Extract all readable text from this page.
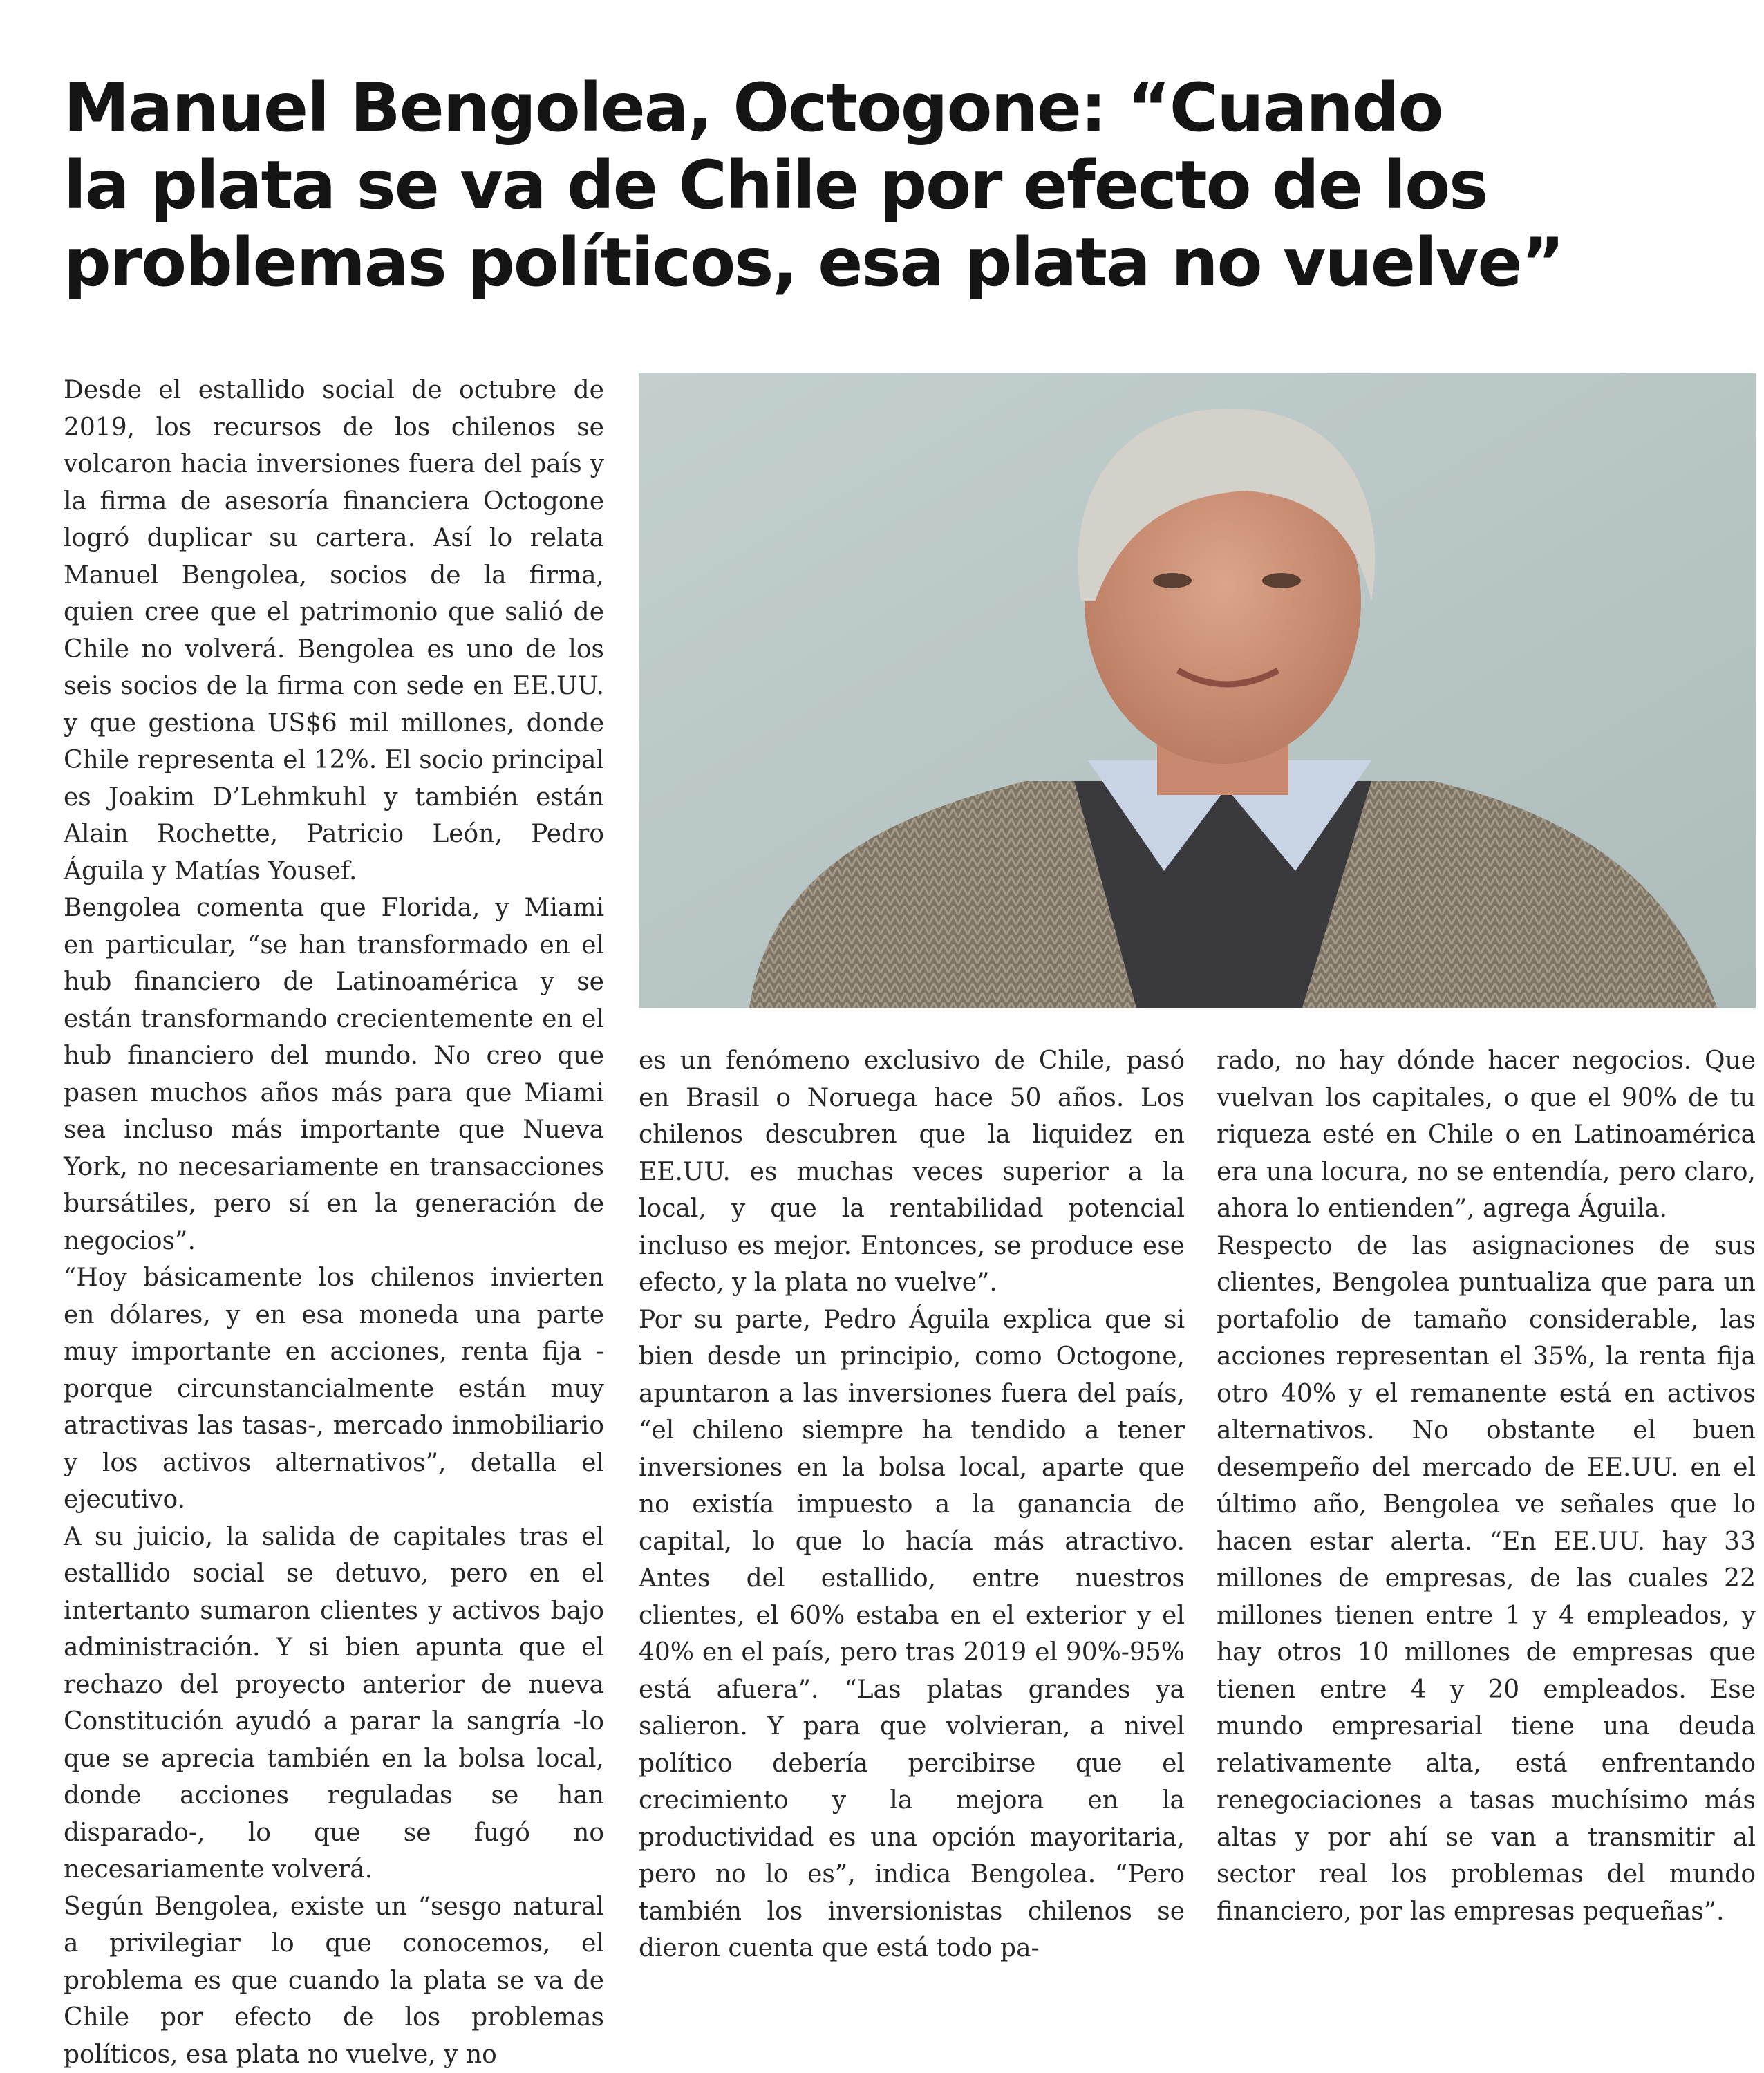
Manuel Bengolea, Octogone: “Cuando
la plata se va de Chile por efecto de los
problemas políticos, esa plata no vuelve”

Desde el estallido social de octubre de 2019, los recursos de los chilenos se volcaron hacia inversiones fuera del país y la firma de asesoría financiera Octogone logró duplicar su cartera. Así lo relata Manuel Bengolea, socios de la firma, quien cree que el patrimonio que salió de Chile no volverá. Bengolea es uno de los seis socios de la firma con sede en EE.UU. y que gestiona US$6 mil millones, donde Chile representa el 12%. El socio principal es Joakim D’Lehmkuhl y también están Alain Rochette, Patricio León, Pedro Águila y Matías Yousef.

Bengolea comenta que Florida, y Miami en particular, “se han transformado en el hub financiero de Latinoamérica y se están transformando crecientemente en el hub financiero del mundo. No creo que pasen muchos años más para que Miami sea incluso más importante que Nueva York, no necesariamente en transacciones bursátiles, pero sí en la generación de negocios”.

“Hoy básicamente los chilenos invierten en dólares, y en esa moneda una parte muy importante en acciones, renta fija -porque circunstancialmente están muy atractivas las tasas-, mercado inmobiliario y los activos alternativos”, detalla el ejecutivo.

A su juicio, la salida de capitales tras el estallido social se detuvo, pero en el intertanto sumaron clientes y activos bajo administración. Y si bien apunta que el rechazo del proyecto anterior de nueva Constitución ayudó a parar la sangría -lo que se aprecia también en la bolsa local, donde acciones reguladas se han disparado-, lo que se fugó no necesariamente volverá.

Según Bengolea, existe un “sesgo natural a privilegiar lo que conocemos, el problema es que cuando la plata se va de Chile por efecto de los problemas políticos, esa plata no vuelve, y no

es un fenómeno exclusivo de Chile, pasó en Brasil o Noruega hace 50 años. Los chilenos descubren que la liquidez en EE.UU. es muchas veces superior a la local, y que la rentabilidad potencial incluso es mejor. Entonces, se produce ese efecto, y la plata no vuelve”.

Por su parte, Pedro Águila explica que si bien desde un principio, como Octogone, apuntaron a las inversiones fuera del país, “el chileno siempre ha tendido a tener inversiones en la bolsa local, aparte que no existía impuesto a la ganancia de capital, lo que lo hacía más atractivo. Antes del estallido, entre nuestros clientes, el 60% estaba en el exterior y el 40% en el país, pero tras 2019 el 90%-95% está afuera”. “Las platas grandes ya salieron. Y para que volvieran, a nivel político debería percibirse que el crecimiento y la mejora en la productividad es una opción mayoritaria, pero no lo es”, indica Bengolea. “Pero también los inversionistas chilenos se dieron cuenta que está todo pa-

rado, no hay dónde hacer negocios. Que vuelvan los capitales, o que el 90% de tu riqueza esté en Chile o en Latinoamérica era una locura, no se entendía, pero claro, ahora lo entienden”, agrega Águila.

Respecto de las asignaciones de sus clientes, Bengolea puntualiza que para un portafolio de tamaño considerable, las acciones representan el 35%, la renta fija otro 40% y el remanente está en activos alternativos. No obstante el buen desempeño del mercado de EE.UU. en el último año, Bengolea ve señales que lo hacen estar alerta. “En EE.UU. hay 33 millones de empresas, de las cuales 22 millones tienen entre 1 y 4 empleados, y hay otros 10 millones de empresas que tienen entre 4 y 20 empleados. Ese mundo empresarial tiene una deuda relativamente alta, está enfrentando renegociaciones a tasas muchísimo más altas y por ahí se van a transmitir al sector real los problemas del mundo financiero, por las empresas pequeñas”.
